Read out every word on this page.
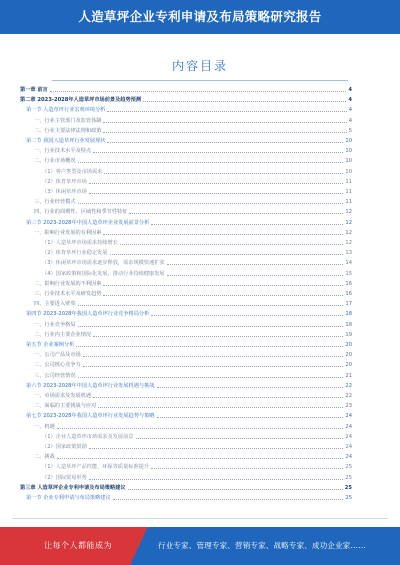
人造草坪企业专利申请及布局策略研究报告
内容目录
第一章 前言	4
第二章 2023-2028年人造草坪市场前景及趋势预测	4
第一节 人造草坪行业宏观环境分析	4
一、行业主管部门及监管体制	4
二、行业主要法律法规和政策	5
第二节 我国人造草坪行业发展现状	10
一、行业技术水平及特点	10
二、行业市场概况	10
（1）客户类型及市场需求	10
（2）体育草坪市场	11
（3）休闲草坪市场	11
三、行业经营模式	11
四、行业的周期性、区域性和季节性特征	12
第三节 2023-2028年中国人造草坪企业发展前景分析	12
一、影响行业发展的有利因素	12
（1）人造草坪市场需求持续增长	12
（2）体育草坪行业稳定发展	13
（3）休闲草坪市场需求逐步释放，需求规模快速扩张	14
（4）国家政策和国际化发展，推动行业持续健康发展	15
二、影响行业发展的不利因素	16
三、行业技术水平及研发趋势	16
四、主要进入壁垒	17
第四节 2023-2028年我国人造草坪行业竞争格局分析	18
一、行业竞争格局	18
二、行业内主要企业情况	19
第五节 企业案例分析	20
一、公司产品及市场	20
二、公司核心竞争力	20
三、公司经营情况	21
第六节 2023-2028年中国人造草坪行业发展机遇与挑战	22
一、市场需求及发展机遇	22
二、面临的主要挑战与应对	23
第七节 2023-2028年我国人造草坪行业发展趋势与策略	24
一、机遇	24
（1）企业人造草坪市场需求及发展前景	24
（2）国家政策鼓励	24
二、挑战	24
（1）人造草坪产品性能、环保等质量标准提升	25
（2）国际贸易形势	25
第三章 人造草坪企业专利申请及布局策略建议	25
第一节 企业专利申请与布局策略建议	25
让每个人都能成为	行业专家、管理专家、营销专家、战略专家、成功企业家……
